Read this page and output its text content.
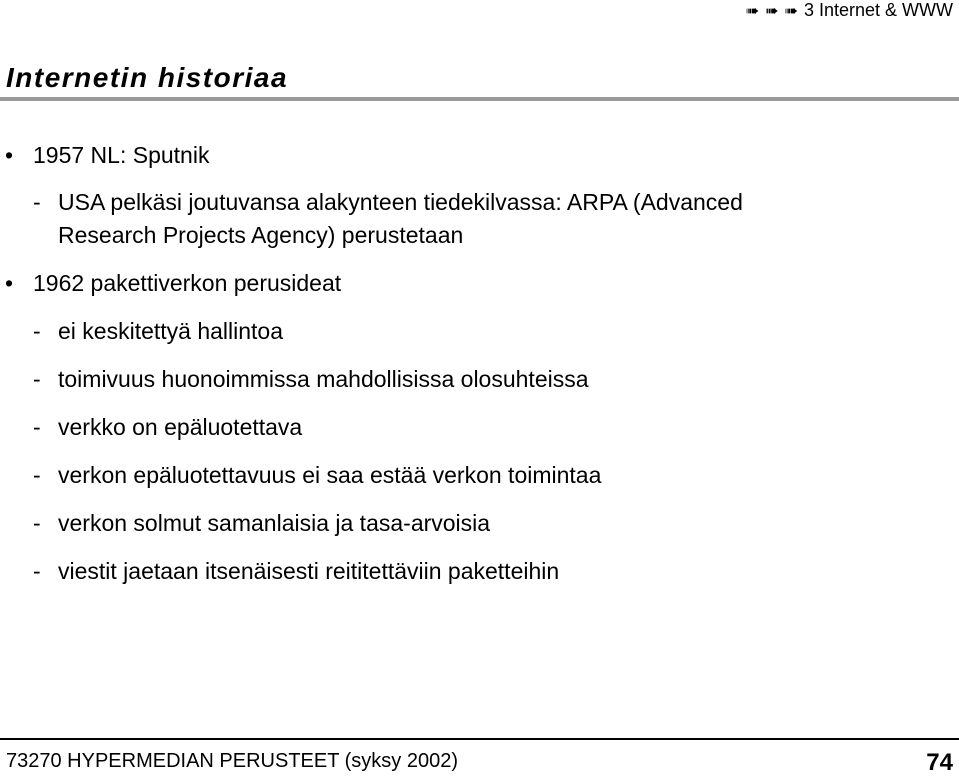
➠ ➠ ➠ 3 Internet & WWW
Internetin historiaa
• 1957 NL: Sputnik
- USA pelkäsi joutuvansa alakynteen tiedekilvassa: ARPA (Advanced
Research Projects Agency) perustetaan
• 1962 pakettiverkon perusideat
- ei keskitettyä hallintoa
- toimivuus huonoimmissa mahdollisissa olosuhteissa
- verkko on epäluotettava
- verkon epäluotettavuus ei saa estää verkon toimintaa
- verkon solmut samanlaisia ja tasa-arvoisia
- viestit jaetaan itsenäisesti reititettäviin paketteihin
73270 HYPERMEDIAN PERUSTEET (syksy 2002)	74
